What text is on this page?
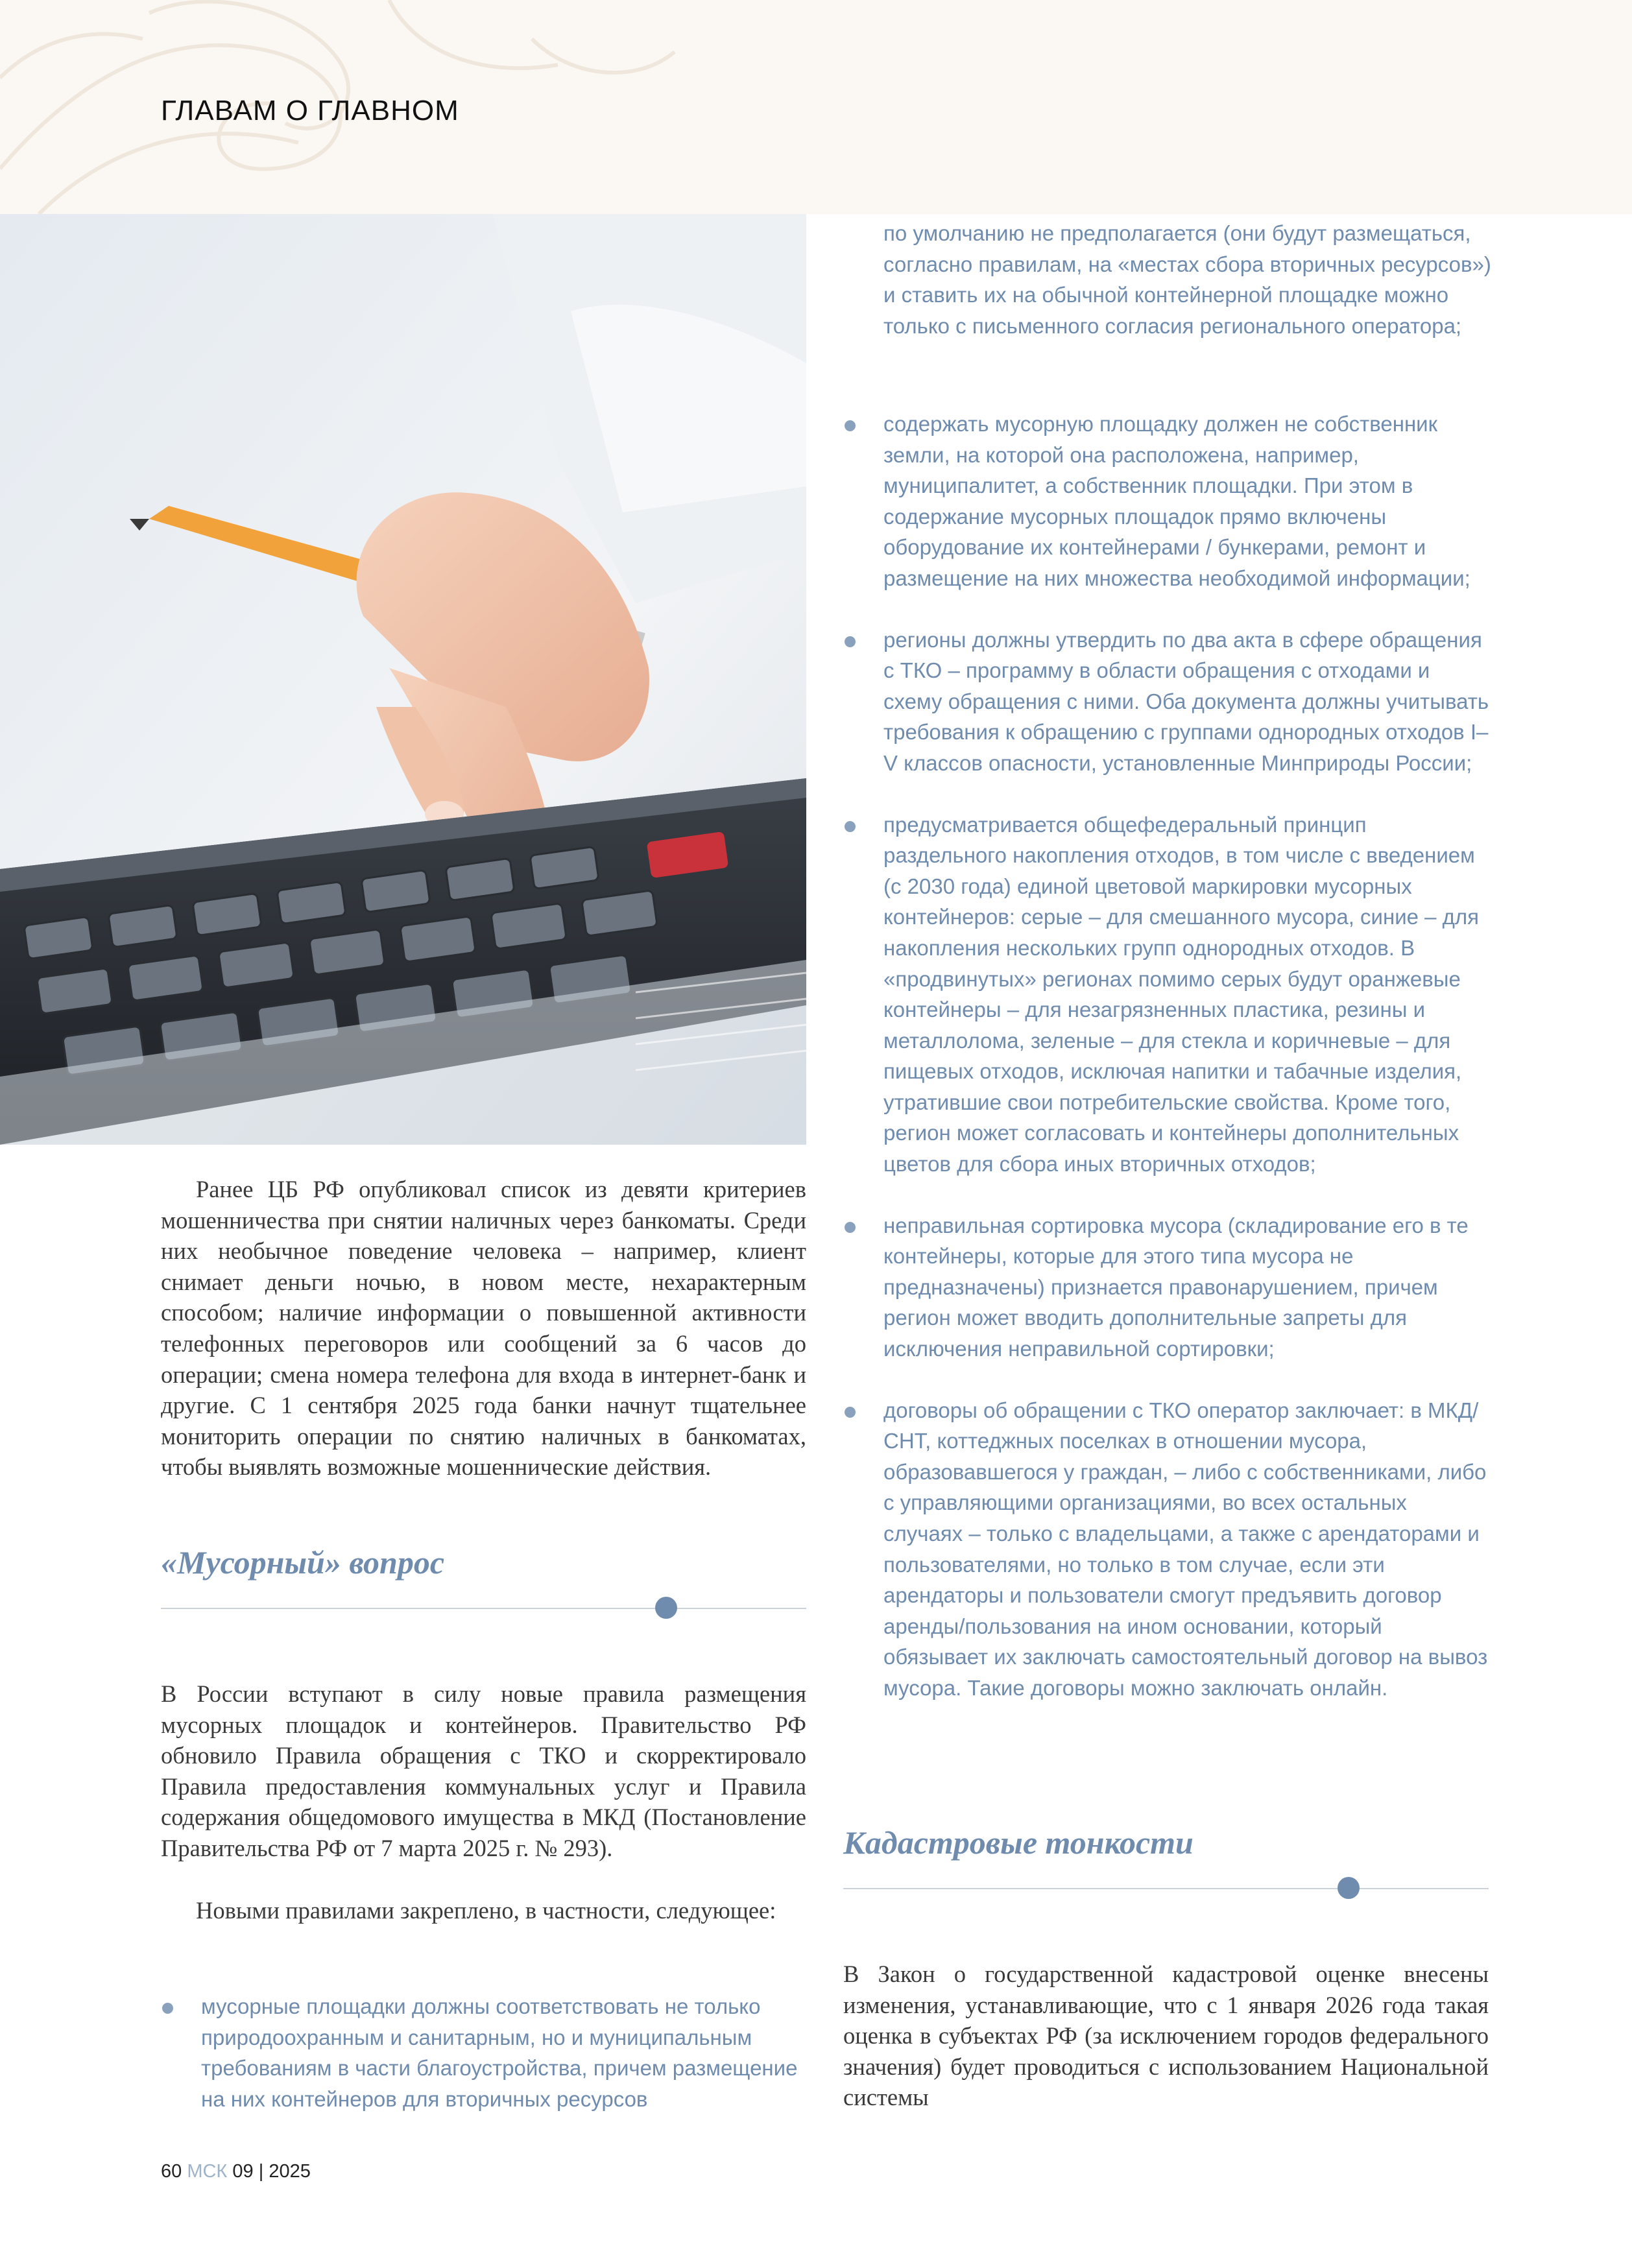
ГЛАВАМ О ГЛАВНОМ

Ранее ЦБ РФ опубликовал список из девяти критериев мошенничества при снятии наличных через банкоматы. Среди них необычное поведение человека – например, клиент снимает деньги ночью, в новом месте, нехарактерным способом; наличие информации о повышенной активности телефонных переговоров или сообщений за 6 часов до операции; смена номера телефона для входа в интернет-банк и другие. С 1 сентября 2025 года банки начнут тщательнее мониторить операции по снятию наличных в банкоматах, чтобы выявлять возможные мошеннические действия.

«Мусорный» вопрос

В России вступают в силу новые правила размещения мусорных площадок и контейнеров. Правительство РФ обновило Правила обращения с ТКО и скорректировало Правила предоставления коммунальных услуг и Правила содержания общедомового имущества в МКД (Постановление Правительства РФ от 7 марта 2025 г. № 293).

Новыми правилами закреплено, в частности, следующее:

мусорные площадки должны соответствовать не только природоохранным и санитарным, но и муниципальным требованиям в части благоустройства, причем размещение на них контейнеров для вторичных ресурсов

по умолчанию не предполагается (они будут размещаться, согласно правилам, на «местах сбора вторичных ресурсов») и ставить их на обычной контейнерной площадке можно только с письменного согласия регионального оператора;

содержать мусорную площадку должен не собственник земли, на которой она расположена, например, муниципалитет, а собственник площадки. При этом в содержание мусорных площадок прямо включены оборудование их контейнерами / бункерами, ремонт и размещение на них множества необходимой информации;
регионы должны утвердить по два акта в сфере обращения с ТКО – программу в области обращения с отходами и схему обращения с ними. Оба документа должны учитывать требования к обращению с группами однородных отходов I–V классов опасности, установленные Минприроды России;
предусматривается общефедеральный принцип раздельного накопления отходов, в том числе с введением (с 2030 года) единой цветовой маркировки мусорных контейнеров: серые – для смешанного мусора, синие – для накопления нескольких групп однородных отходов. В «продвинутых» регионах помимо серых будут оранжевые контейнеры – для незагрязненных пластика, резины и металлолома, зеленые – для стекла и коричневые – для пищевых отходов, исключая напитки и табачные изделия, утратившие свои потребительские свойства. Кроме того, регион может согласовать и контейнеры дополнительных цветов для сбора иных вторичных отходов;
неправильная сортировка мусора (складирование его в те контейнеры, которые для этого типа мусора не предназначены) признается правонарушением, причем регион может вводить дополнительные запреты для исключения неправильной сортировки;
договоры об обращении с ТКО оператор заключает: в МКД/СНТ, коттеджных поселках в отношении мусора, образовавшегося у граждан, – либо с собственниками, либо с управляющими организациями, во всех остальных случаях – только с владельцами, а также с арендаторами и пользователями, но только в том случае, если эти арендаторы и пользователи смогут предъявить договор аренды/пользования на ином основании, который обязывает их заключать самостоятельный договор на вывоз мусора. Такие договоры можно заключать онлайн.
Кадастровые тонкости

В Закон о государственной кадастровой оценке внесены изменения, устанавливающие, что с 1 января 2026 года такая оценка в субъектах РФ (за исключением городов федерального значения) будет проводиться с использованием Национальной системы

60 МСК 09 | 2025
